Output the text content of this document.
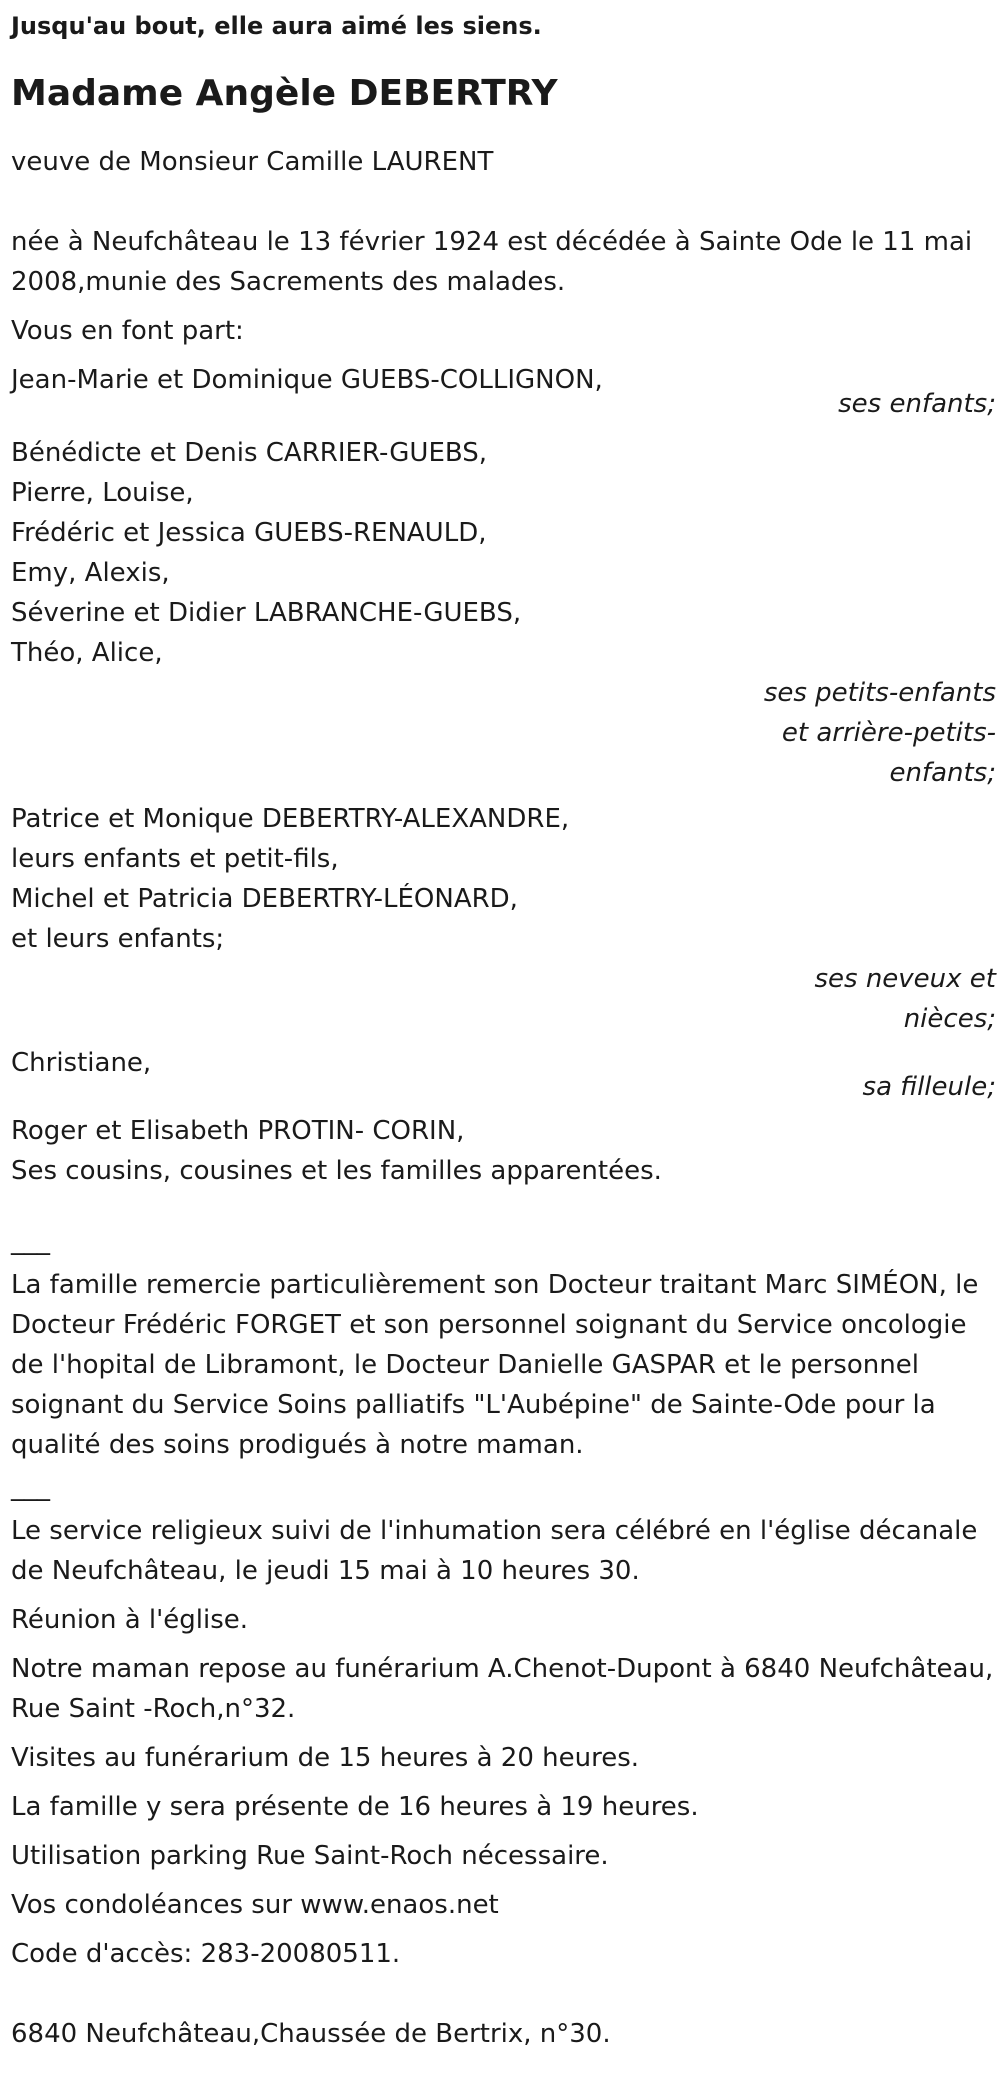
Jusqu'au bout, elle aura aimé les siens.

Madame Angèle DEBERTRY

veuve de Monsieur Camille LAURENT

née à Neufchâteau le 13 février 1924 est décédée à Sainte Ode le 11 mai 2008,munie des Sacrements des malades.

Vous en font part:

Jean-Marie et Dominique GUEBS-COLLIGNON,

ses enfants;

Bénédicte et Denis CARRIER-GUEBS,
Pierre, Louise,
Frédéric et Jessica GUEBS-RENAULD,
Emy, Alexis,
Séverine et Didier LABRANCHE-GUEBS,
Théo, Alice,
ses petits-enfants
et arrière-petits-
enfants;
Patrice et Monique DEBERTRY-ALEXANDRE,
leurs enfants et petit-fils,
Michel et Patricia DEBERTRY-LÉONARD,
et leurs enfants;
ses neveux et
nièces;
Christiane,

sa filleule;

Roger et Elisabeth PROTIN- CORIN,
Ses cousins, cousines et les familles apparentées.

___

La famille remercie particulièrement son Docteur traitant Marc SIMÉON, le Docteur Frédéric FORGET et son personnel soignant du Service oncologie de l'hopital de Libramont, le Docteur Danielle GASPAR et le personnel soignant du Service Soins palliatifs "L'Aubépine" de Sainte-Ode pour la qualité des soins prodigués à notre maman.

___

Le service religieux suivi de l'inhumation sera célébré en l'église décanale de Neufchâteau, le jeudi 15 mai à 10 heures 30.

Réunion à l'église.

Notre maman repose au funérarium A.Chenot-Dupont à 6840 Neufchâteau, Rue Saint -Roch,n°32.

Visites au funérarium de 15 heures à 20 heures.

La famille y sera présente de 16 heures à 19 heures.

Utilisation parking Rue Saint-Roch nécessaire.

Vos condoléances sur www.enaos.net

Code d'accès: 283-20080511.

6840 Neufchâteau,Chaussée de Bertrix, n°30.
